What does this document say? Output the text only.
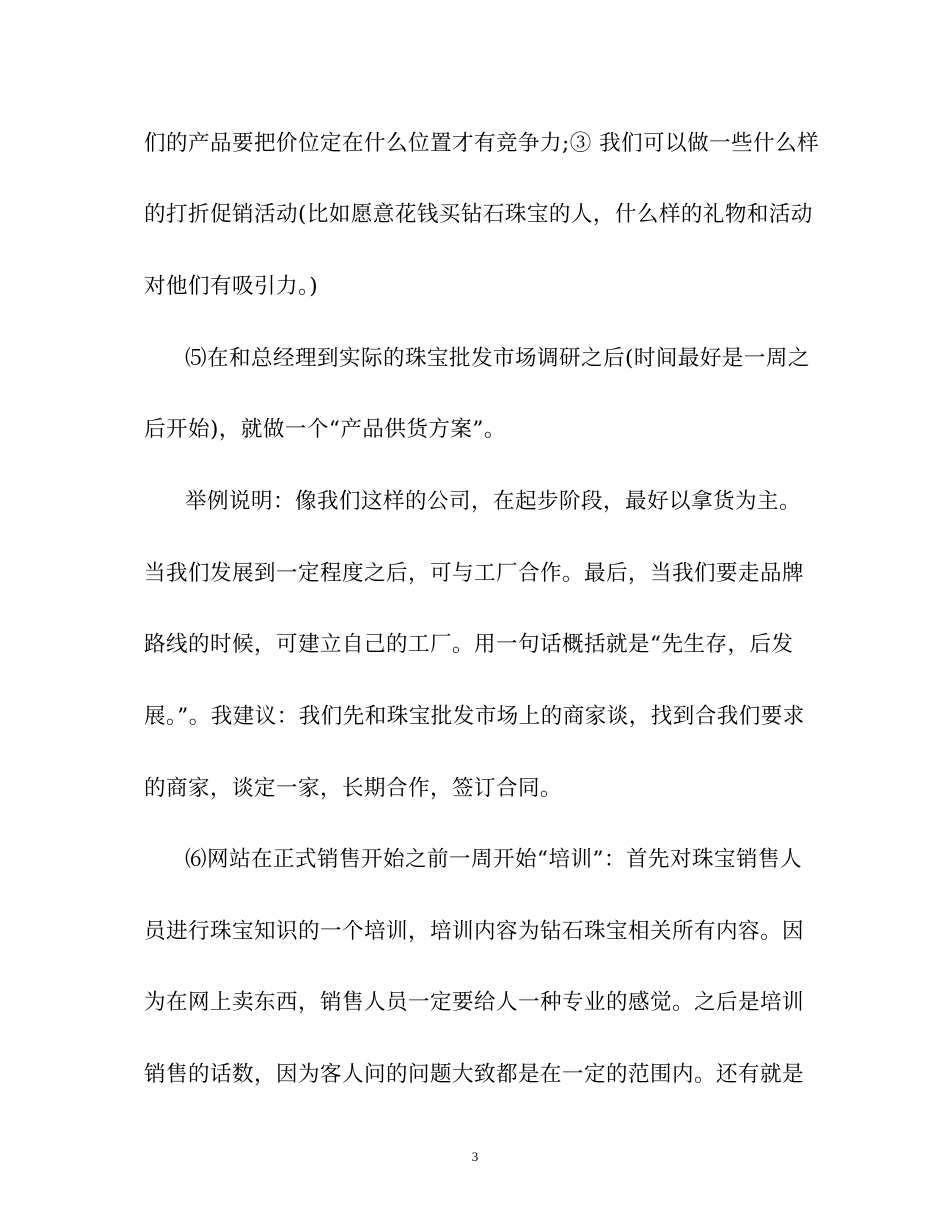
们的产品要把价位定在什么位置才有竞争力;③ 我们可以做一些什么样
的打折促销活动(比如愿意花钱买钻石珠宝的人，什么样的礼物和活动
对他们有吸引力。)
⑸在和总经理到实际的珠宝批发市场调研之后(时间最好是一周之
后开始)，就做一个“产品供货方案”。
举例说明：像我们这样的公司，在起步阶段，最好以拿货为主。
当我们发展到一定程度之后，可与工厂合作。最后，当我们要走品牌
路线的时候，可建立自己的工厂。用一句话概括就是“先生存，后发
展。”。我建议：我们先和珠宝批发市场上的商家谈，找到合我们要求
的商家，谈定一家，长期合作，签订合同。
⑹网站在正式销售开始之前一周开始“培训”：首先对珠宝销售人
员进行珠宝知识的一个培训，培训内容为钻石珠宝相关所有内容。因
为在网上卖东西，销售人员一定要给人一种专业的感觉。之后是培训
销售的话数，因为客人问的问题大致都是在一定的范围内。还有就是
3
